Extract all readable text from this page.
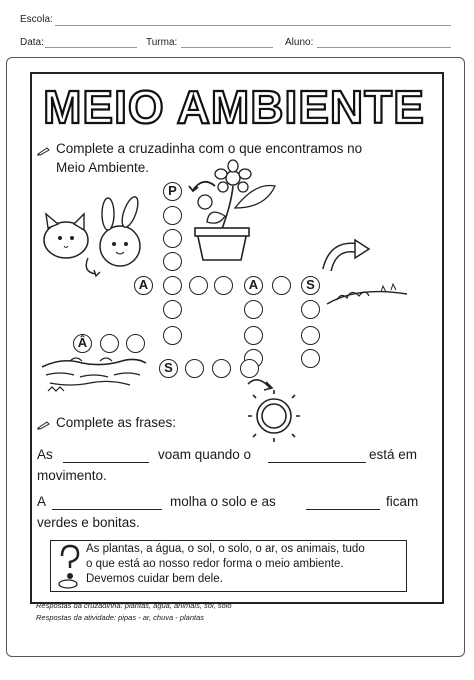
Escola:
Data:	Turma:	Aluno:
MEIO AMBIENTE
Complete a cruzadinha com o que encontramos no
Meio Ambiente.
P
A	A	S
Â
S
Complete as frases:
As	voam quando o	está em
movimento.
A	molha o solo e as	ficam
verdes e bonitas.
As plantas, a água, o sol, o solo, o ar, os animais, tudo
o que está ao nosso redor forma o meio ambiente.
Devemos cuidar bem dele.
Respostas da cruzadinha: plantas, água, animais, sol, solo
Respostas da atividade: pipas - ar, chuva - plantas
